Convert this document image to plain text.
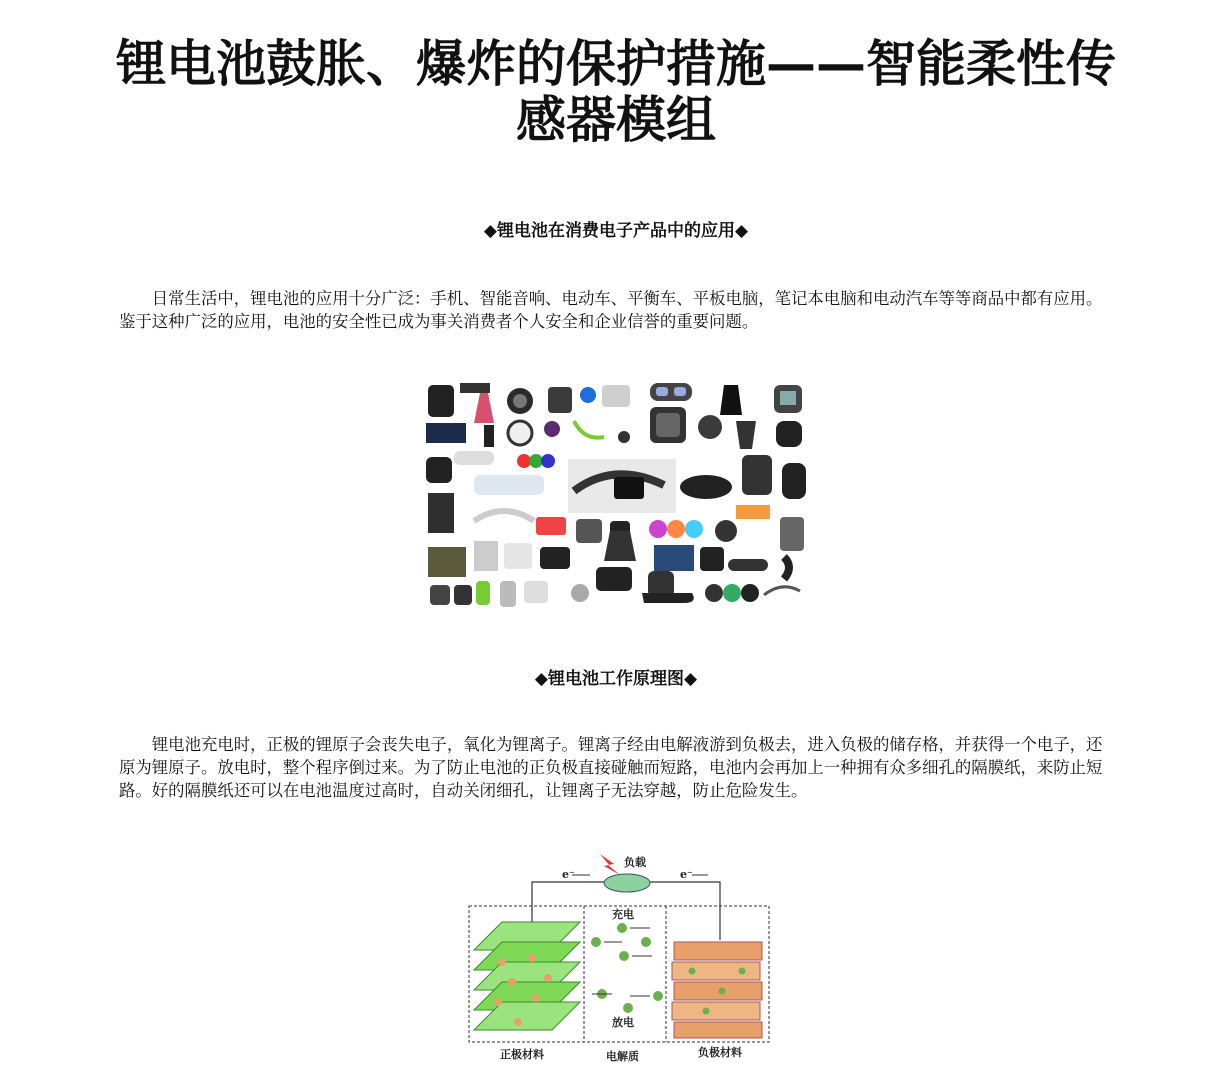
锂电池鼓胀、爆炸的保护措施——智能柔性传感器模组
◆锂电池在消费电子产品中的应用◆

日常生活中，锂电池的应用十分广泛：手机、智能音响、电动车、平衡车、平板电脑，笔记本电脑和电动汽车等等商品中都有应用。鉴于这种广泛的应用，电池的安全性已成为事关消费者个人安全和企业信誉的重要问题。

◆锂电池工作原理图◆

锂电池充电时，正极的锂原子会丧失电子，氧化为锂离子。锂离子经由电解液游到负极去，进入负极的储存格，并获得一个电子，还原为锂原子。放电时，整个程序倒过来。为了防止电池的正负极直接碰触而短路，电池内会再加上一种拥有众多细孔的隔膜纸，来防止短路。好的隔膜纸还可以在电池温度过高时，自动关闭细孔，让锂离子无法穿越，防止危险发生。

负载
e⁻	e⁻
充电
放电
正极材料	电解质	负极材料
